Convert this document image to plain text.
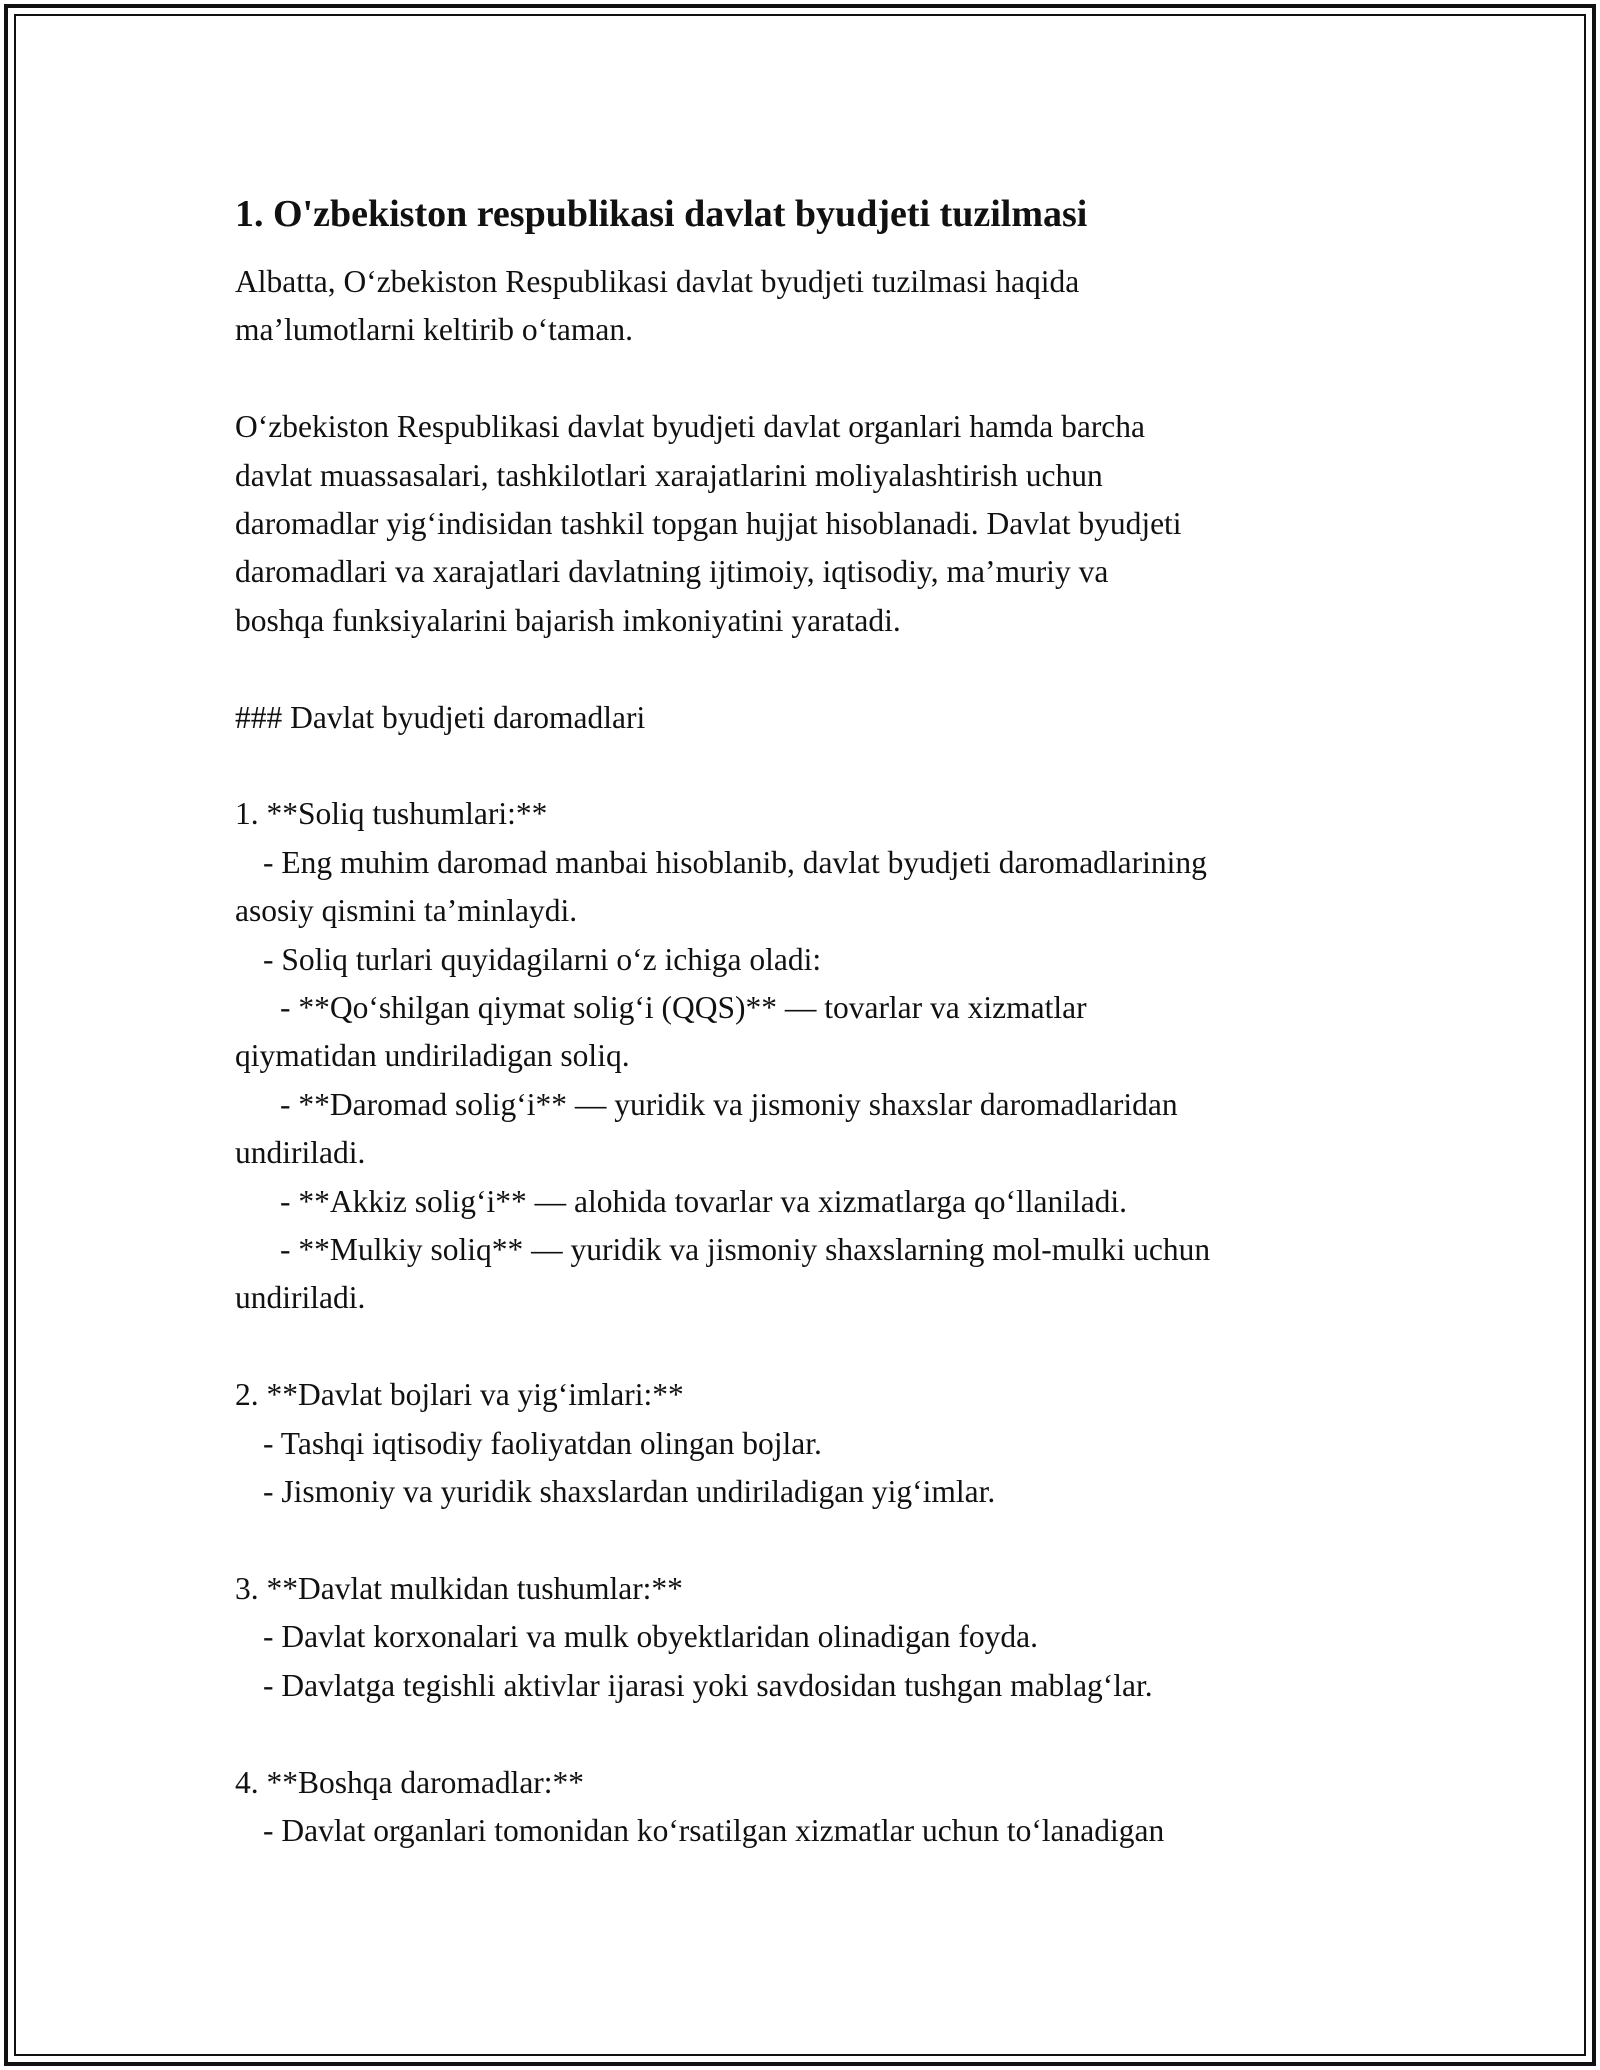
1. O'zbekiston respublikasi davlat byudjeti tuzilmasi

Albatta, O‘zbekiston Respublikasi davlat byudjeti tuzilmasi haqida
ma’lumotlarni keltirib o‘taman.

O‘zbekiston Respublikasi davlat byudjeti davlat organlari hamda barcha
davlat muassasalari, tashkilotlari xarajatlarini moliyalashtirish uchun
daromadlar yig‘indisidan tashkil topgan hujjat hisoblanadi. Davlat byudjeti
daromadlari va xarajatlari davlatning ijtimoiy, iqtisodiy, ma’muriy va
boshqa funksiyalarini bajarish imkoniyatini yaratadi.

### Davlat byudjeti daromadlari
1. **Soliq tushumlari:**
- Eng muhim daromad manbai hisoblanib, davlat byudjeti daromadlarining
asosiy qismini ta’minlaydi.
- Soliq turlari quyidagilarni o‘z ichiga oladi:
- **Qo‘shilgan qiymat solig‘i (QQS)** — tovarlar va xizmatlar
qiymatidan undiriladigan soliq.
- **Daromad solig‘i** — yuridik va jismoniy shaxslar daromadlaridan
undiriladi.
- **Akkiz solig‘i** — alohida tovarlar va xizmatlarga qo‘llaniladi.
- **Mulkiy soliq** — yuridik va jismoniy shaxslarning mol-mulki uchun
undiriladi.
2. **Davlat bojlari va yig‘imlari:**
- Tashqi iqtisodiy faoliyatdan olingan bojlar.
- Jismoniy va yuridik shaxslardan undiriladigan yig‘imlar.
3. **Davlat mulkidan tushumlar:**
- Davlat korxonalari va mulk obyektlaridan olinadigan foyda.
- Davlatga tegishli aktivlar ijarasi yoki savdosidan tushgan mablag‘lar.
4. **Boshqa daromadlar:**
- Davlat organlari tomonidan ko‘rsatilgan xizmatlar uchun to‘lanadigan
